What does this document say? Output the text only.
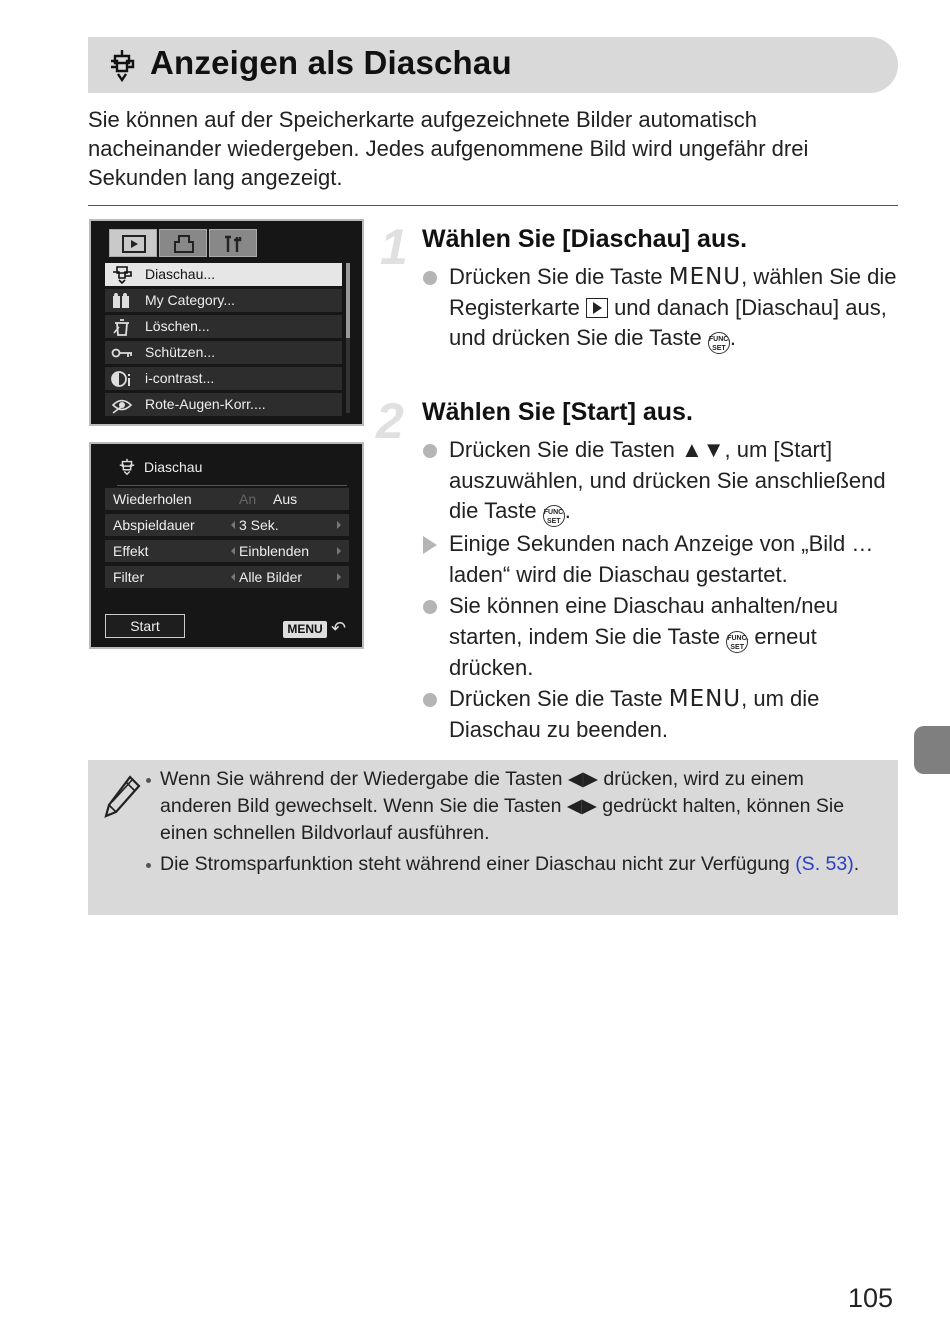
Anzeigen als Diaschau
Sie können auf der Speicherkarte aufgezeichnete Bilder automatisch nacheinander wiedergeben. Jedes aufgenommene Bild wird ungefähr drei Sekunden lang angezeigt.
Diaschau...
My Category...
Löschen...
Schützen...
i-contrast...
Rote-Augen-Korr....
Diaschau
Wiederholen	An Aus
Abspieldauer	3 Sek.
Effekt	Einblenden
Filter	Alle Bilder
Start	MENU ↶
1 Wählen Sie [Diaschau] aus.
Drücken Sie die Taste MENU, wählen Sie die Registerkarte  und danach [Diaschau] aus, und drücken Sie die Taste FUNC.
SET .
2 Wählen Sie [Start] aus.
Drücken Sie die Tasten ▲▼, um [Start] auszuwählen, und drücken Sie anschließend die Taste FUNC.
SET .
Einige Sekunden nach Anzeige von „Bild …laden“ wird die Diaschau gestartet.
Sie können eine Diaschau anhalten/neu starten, indem Sie die Taste FUNC.
SET erneut drücken.
Drücken Sie die Taste MENU, um die Diaschau zu beenden.
Wenn Sie während der Wiedergabe die Tasten ◀▶ drücken, wird zu einem anderen Bild gewechselt. Wenn Sie die Tasten ◀▶ gedrückt halten, können Sie einen schnellen Bildvorlauf ausführen.
Die Stromsparfunktion steht während einer Diaschau nicht zur Verfügung (S. 53).
105
